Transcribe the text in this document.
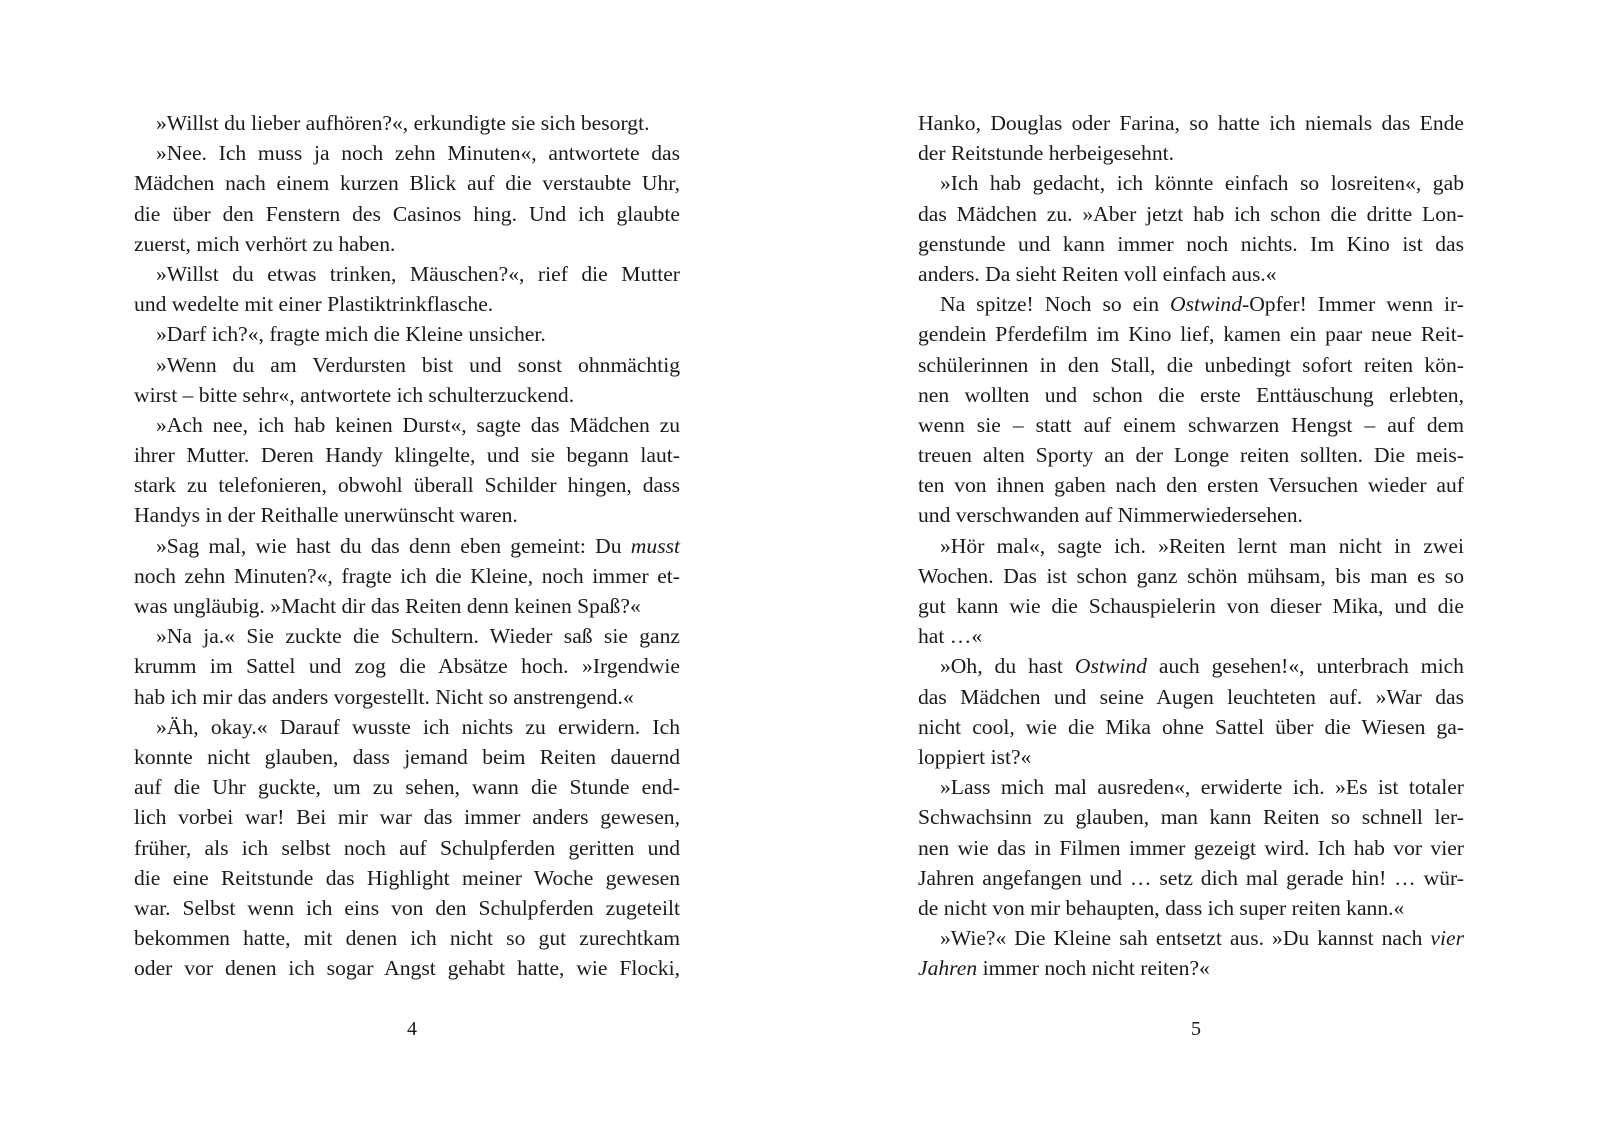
»Willst du lieber aufhören?«, erkundigte sie sich besorgt.
»Nee. Ich muss ja noch zehn Minuten«, antwortete das
Mädchen nach einem kurzen Blick auf die verstaubte Uhr,
die über den Fenstern des Casinos hing. Und ich glaubte
zuerst, mich verhört zu haben.
»Willst du etwas trinken, Mäuschen?«, rief die Mutter
und wedelte mit einer Plastiktrinkflasche.
»Darf ich?«, fragte mich die Kleine unsicher.
»Wenn du am Verdursten bist und sonst ohnmächtig
wirst – bitte sehr«, antwortete ich schulterzuckend.
»Ach nee, ich hab keinen Durst«, sagte das Mädchen zu
ihrer Mutter. Deren Handy klingelte, und sie begann laut-
stark zu telefonieren, obwohl überall Schilder hingen, dass
Handys in der Reithalle unerwünscht waren.
»Sag mal, wie hast du das denn eben gemeint: Du musst
noch zehn Minuten?«, fragte ich die Kleine, noch immer et-
was ungläubig. »Macht dir das Reiten denn keinen Spaß?«
»Na ja.« Sie zuckte die Schultern. Wieder saß sie ganz
krumm im Sattel und zog die Absätze hoch. »Irgendwie
hab ich mir das anders vorgestellt. Nicht so anstrengend.«
»Äh, okay.« Darauf wusste ich nichts zu erwidern. Ich
konnte nicht glauben, dass jemand beim Reiten dauernd
auf die Uhr guckte, um zu sehen, wann die Stunde end-
lich vorbei war! Bei mir war das immer anders gewesen,
früher, als ich selbst noch auf Schulpferden geritten und
die eine Reitstunde das Highlight meiner Woche gewesen
war. Selbst wenn ich eins von den Schulpferden zugeteilt
bekommen hatte, mit denen ich nicht so gut zurechtkam
oder vor denen ich sogar Angst gehabt hatte, wie Flocki,
Hanko, Douglas oder Farina, so hatte ich niemals das Ende
der Reitstunde herbeigesehnt.
»Ich hab gedacht, ich könnte einfach so losreiten«, gab
das Mädchen zu. »Aber jetzt hab ich schon die dritte Lon-
genstunde und kann immer noch nichts. Im Kino ist das
anders. Da sieht Reiten voll einfach aus.«
Na spitze! Noch so ein Ostwind-Opfer! Immer wenn ir-
gendein Pferdefilm im Kino lief, kamen ein paar neue Reit-
schülerinnen in den Stall, die unbedingt sofort reiten kön-
nen wollten und schon die erste Enttäuschung erlebten,
wenn sie – statt auf einem schwarzen Hengst – auf dem
treuen alten Sporty an der Longe reiten sollten. Die meis-
ten von ihnen gaben nach den ersten Versuchen wieder auf
und verschwanden auf Nimmerwiedersehen.
»Hör mal«, sagte ich. »Reiten lernt man nicht in zwei
Wochen. Das ist schon ganz schön mühsam, bis man es so
gut kann wie die Schauspielerin von dieser Mika, und die
hat …«
»Oh, du hast Ostwind auch gesehen!«, unterbrach mich
das Mädchen und seine Augen leuchteten auf. »War das
nicht cool, wie die Mika ohne Sattel über die Wiesen ga-
loppiert ist?«
»Lass mich mal ausreden«, erwiderte ich. »Es ist totaler
Schwachsinn zu glauben, man kann Reiten so schnell ler-
nen wie das in Filmen immer gezeigt wird. Ich hab vor vier
Jahren angefangen und … setz dich mal gerade hin! … wür-
de nicht von mir behaupten, dass ich super reiten kann.«
»Wie?« Die Kleine sah entsetzt aus. »Du kannst nach vier
Jahren immer noch nicht reiten?«
4	5
